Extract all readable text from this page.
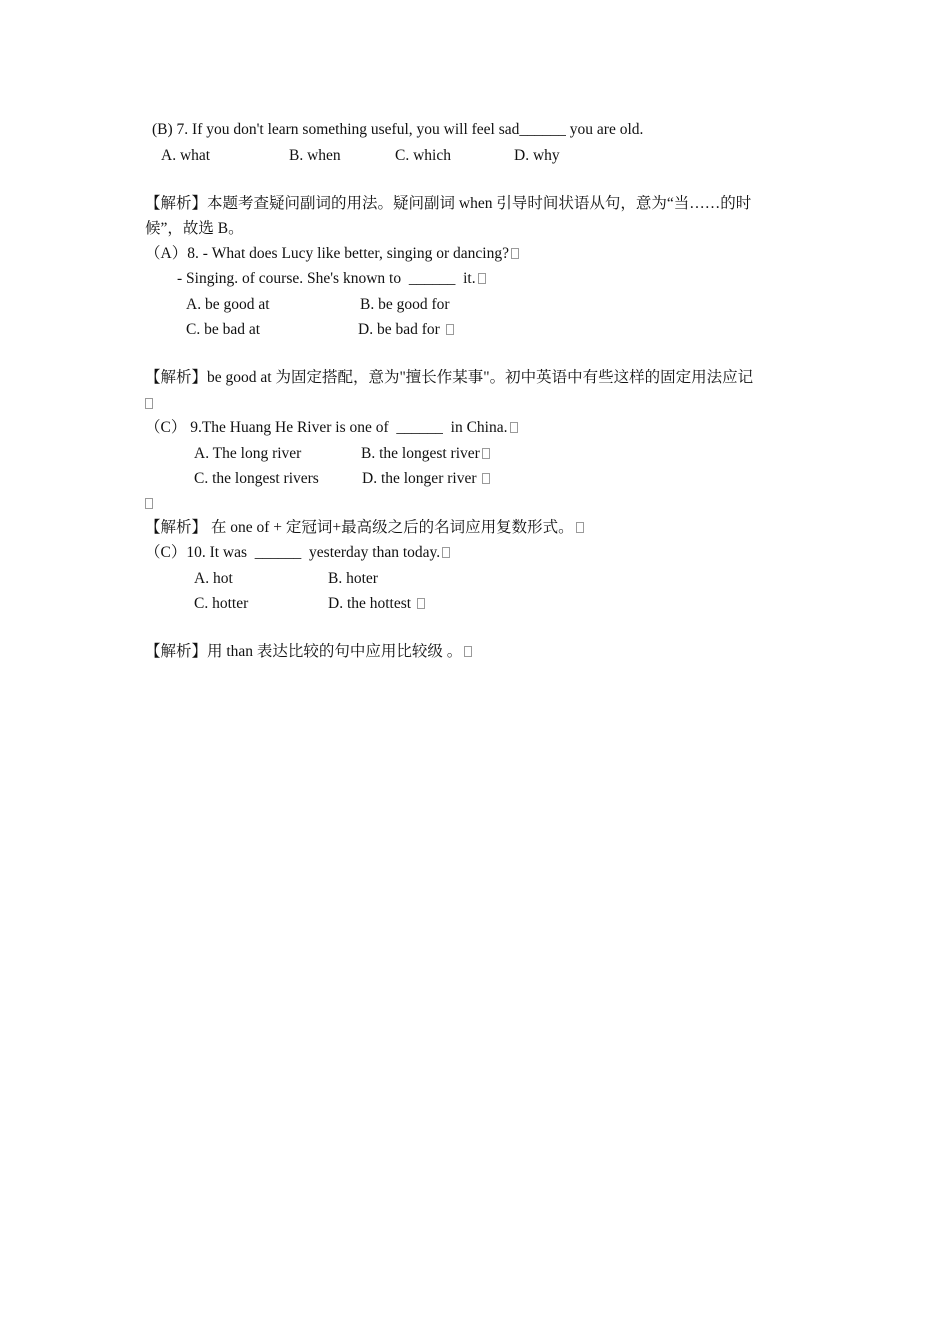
(B) 7. If you don't learn something useful, you will feel sad______ you are old.
A. what	B. when	C. which	D. why
【解析】本题考查疑问副词的用法。疑问副词 when 引导时间状语从句，意为“当……的时
候”，故选 B。
（A）8. - What does Lucy like better, singing or dancing?
- Singing. of course. She's known to ______ it.
A. be good at	B. be good for
C. be bad at	D. be bad for
【解析】be good at 为固定搭配，意为"擅长作某事"。初中英语中有些这样的固定用法应记
（C） 9.The Huang He River is one of ______ in China.
A. The long river	B. the longest river
C. the longest rivers	D. the longer river
【解析】 在 one of + 定冠词+最高级之后的名词应用复数形式。
（C）10. It was ______ yesterday than today.
A. hot	B. hoter
C. hotter	D. the hottest
【解析】用 than 表达比较的句中应用比较级 。
